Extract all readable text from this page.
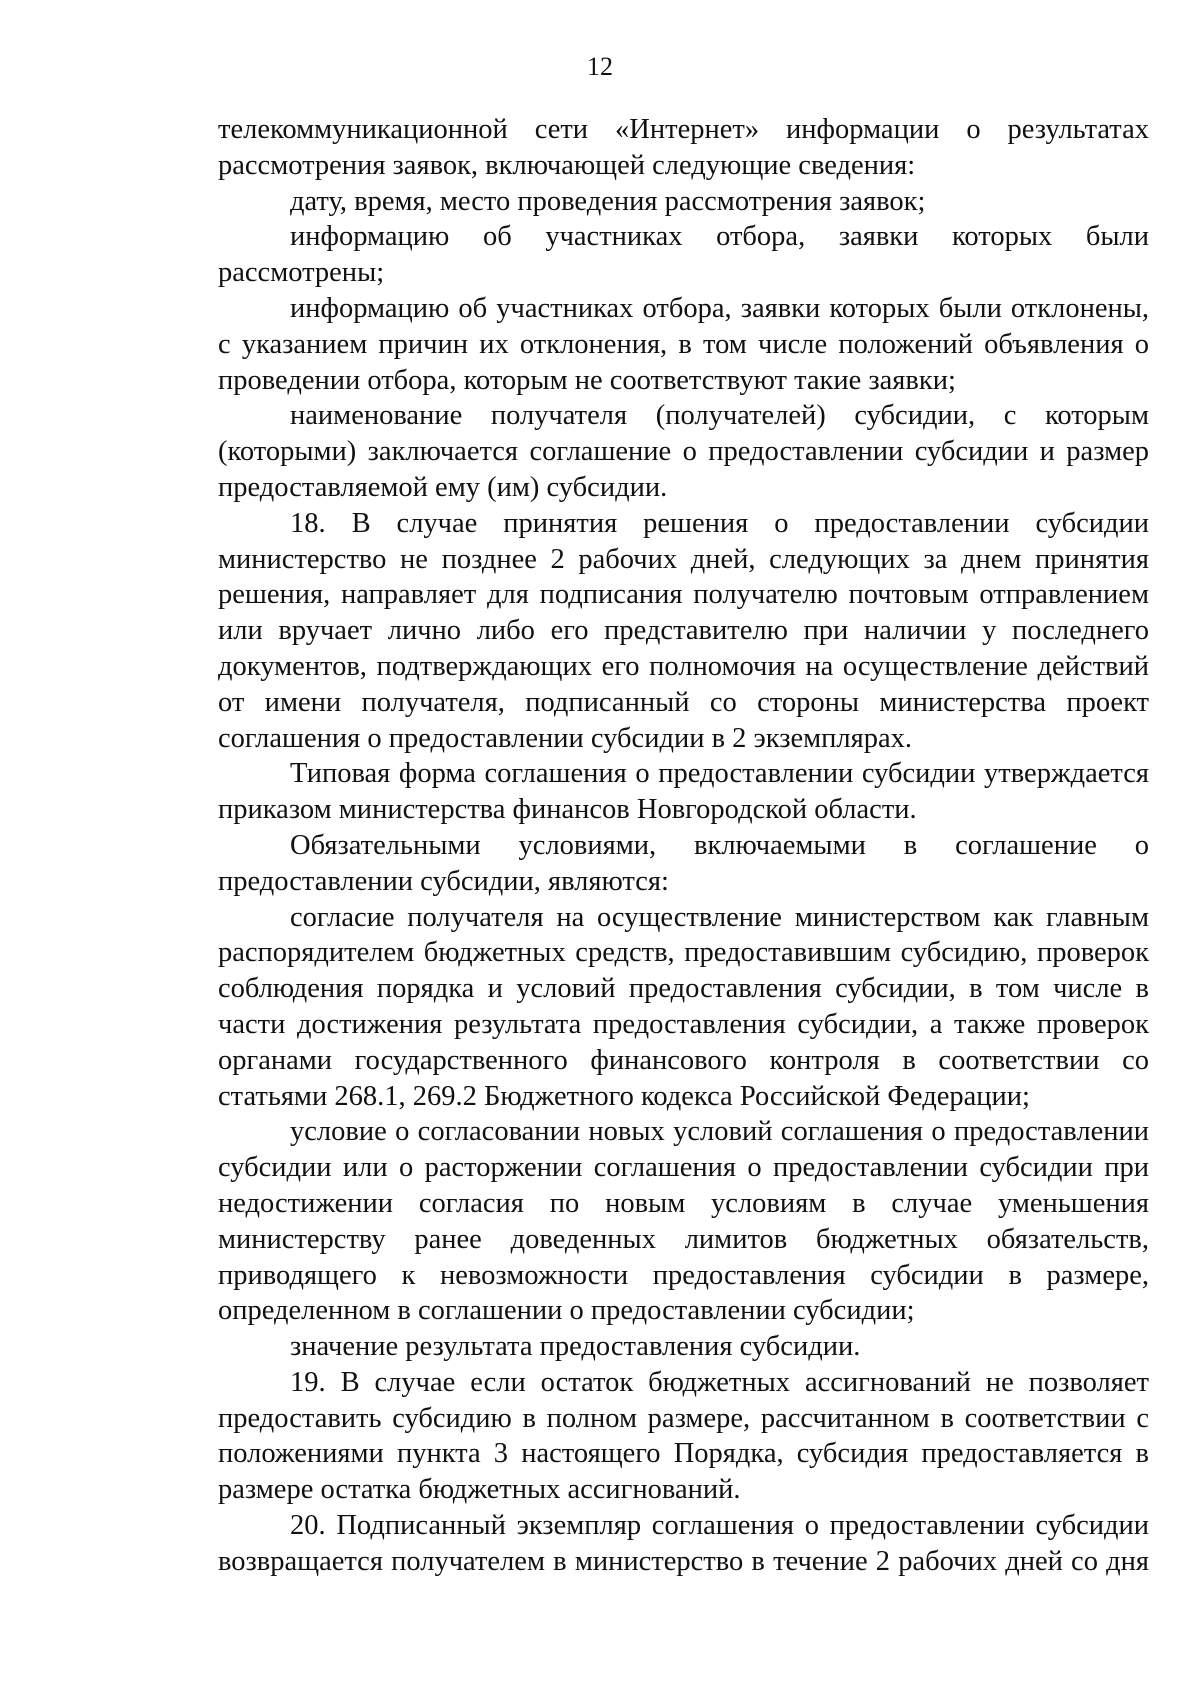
12

телекоммуникационной сети «Интернет» информации о результатах рассмотрения заявок, включающей следующие сведения:

дату, время, место проведения рассмотрения заявок;

информацию об участниках отбора, заявки которых были рассмотрены;

информацию об участниках отбора, заявки которых были отклонены, с указанием причин их отклонения, в том числе положений объявления о проведении отбора, которым не соответствуют такие заявки;

наименование получателя (получателей) субсидии, с которым (которыми) заключается соглашение о предоставлении субсидии и размер предоставляемой ему (им) субсидии.

18. В случае принятия решения о предоставлении субсидии министерство не позднее 2 рабочих дней, следующих за днем принятия решения, направляет для подписания получателю почтовым отправлением или вручает лично либо его представителю при наличии у последнего документов, подтверждающих его полномочия на осуществление действий от имени получателя, подписанный со стороны министерства проект соглашения о предоставлении субсидии в 2 экземплярах.

Типовая форма соглашения о предоставлении субсидии утверждается приказом министерства финансов Новгородской области.

Обязательными условиями, включаемыми в соглашение о предоставлении субсидии, являются:

согласие получателя на осуществление министерством как главным распорядителем бюджетных средств, предоставившим субсидию, проверок соблюдения порядка и условий предоставления субсидии, в том числе в части достижения результата предоставления субсидии, а также проверок органами государственного финансового контроля в соответствии со статьями 268.1, 269.2 Бюджетного кодекса Российской Федерации;

условие о согласовании новых условий соглашения о предоставлении субсидии или о расторжении соглашения о предоставлении субсидии при недостижении согласия по новым условиям в случае уменьшения министерству ранее доведенных лимитов бюджетных обязательств, приводящего к невозможности предоставления субсидии в размере, определенном в соглашении о предоставлении субсидии;

значение результата предоставления субсидии.

19. В случае если остаток бюджетных ассигнований не позволяет предоставить субсидию в полном размере, рассчитанном в соответствии с положениями пункта 3 настоящего Порядка, субсидия предоставляется в размере остатка бюджетных ассигнований.

20. Подписанный экземпляр соглашения о предоставлении субсидии возвращается получателем в министерство в течение 2 рабочих дней со дня
